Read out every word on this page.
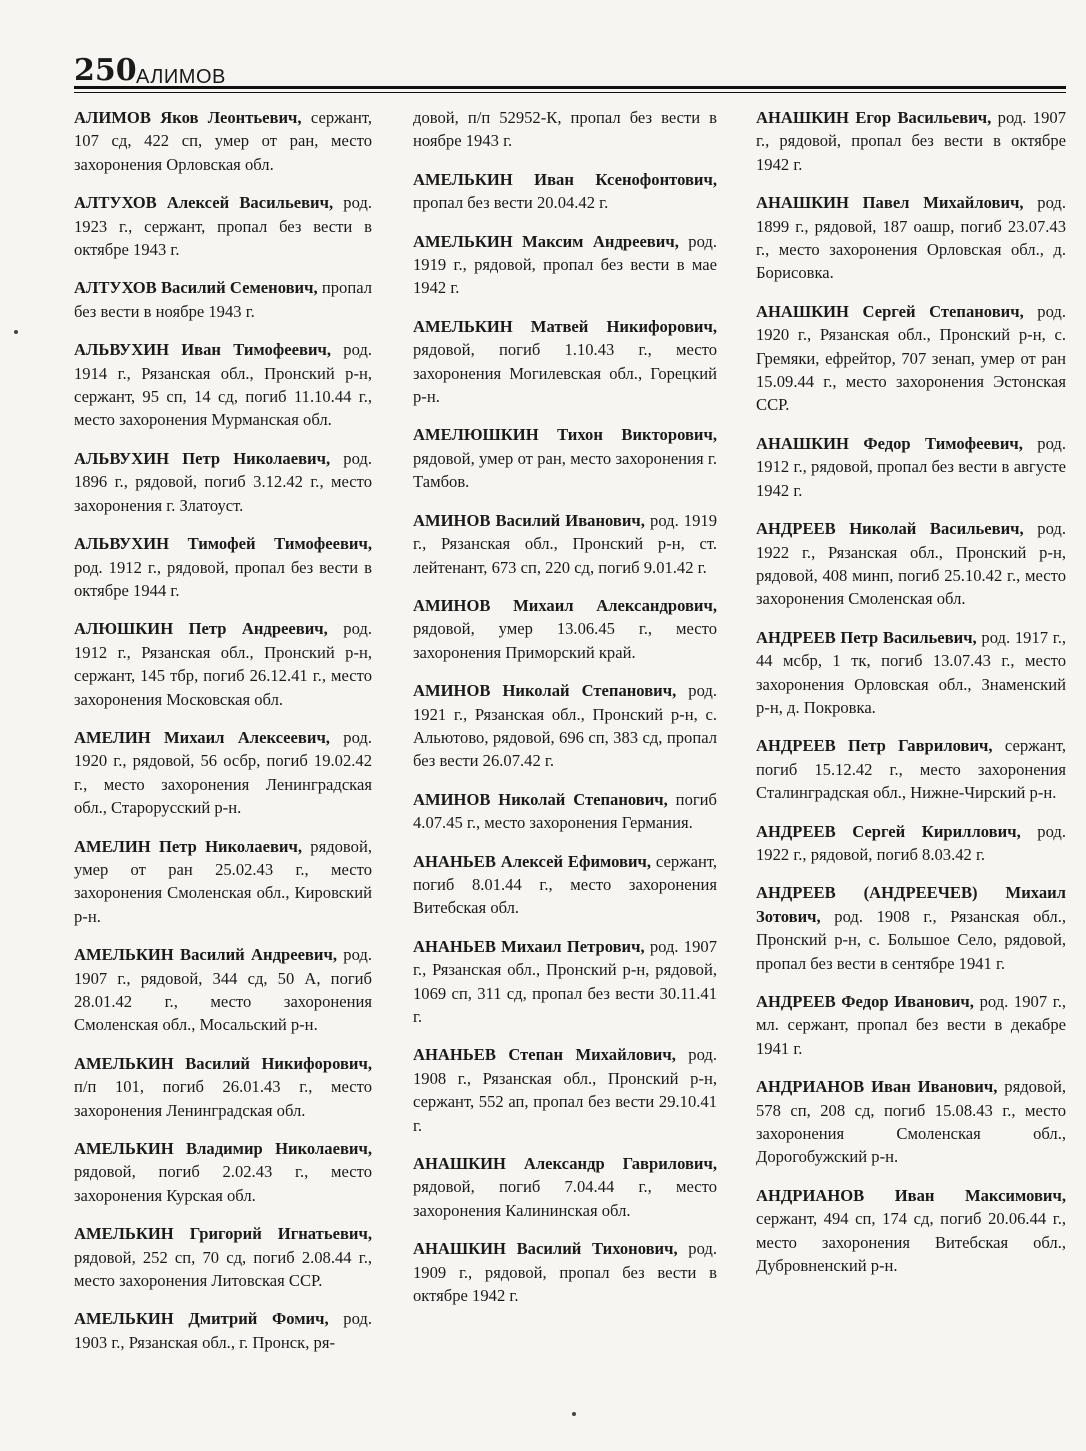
250 АЛИМОВ

АЛИМОВ Яков Леонтьевич, сержант, 107 сд, 422 сп, умер от ран, место захоронения Орловская обл.

АЛТУХОВ Алексей Васильевич, род. 1923 г., сержант, пропал без вести в октябре 1943 г.

АЛТУХОВ Василий Семенович, пропал без вести в ноябре 1943 г.

АЛЬВУХИН Иван Тимофеевич, род. 1914 г., Рязанская обл., Пронский р-н, сержант, 95 сп, 14 сд, погиб 11.10.44 г., место захоронения Мурманская обл.

АЛЬВУХИН Петр Николаевич, род. 1896 г., рядовой, погиб 3.12.42 г., место захоронения г. Златоуст.

АЛЬВУХИН Тимофей Тимофеевич, род. 1912 г., рядовой, пропал без вести в октябре 1944 г.

АЛЮШКИН Петр Андреевич, род. 1912 г., Рязанская обл., Пронский р-н, сержант, 145 тбр, погиб 26.12.41 г., место захоронения Московская обл.

АМЕЛИН Михаил Алексеевич, род. 1920 г., рядовой, 56 осбр, погиб 19.02.42 г., место захоронения Ленинградская обл., Старорусский р-н.

АМЕЛИН Петр Николаевич, рядовой, умер от ран 25.02.43 г., место захоронения Смоленская обл., Кировский р-н.

АМЕЛЬКИН Василий Андреевич, род. 1907 г., рядовой, 344 сд, 50 А, погиб 28.01.42 г., место захоронения Смоленская обл., Мосальский р-н.

АМЕЛЬКИН Василий Никифорович, п/п 101, погиб 26.01.43 г., место захоронения Ленинградская обл.

АМЕЛЬКИН Владимир Николаевич, рядовой, погиб 2.02.43 г., место захоронения Курская обл.

АМЕЛЬКИН Григорий Игнатьевич, рядовой, 252 сп, 70 сд, погиб 2.08.44 г., место захоронения Литовская ССР.

АМЕЛЬКИН Дмитрий Фомич, род. 1903 г., Рязанская обл., г. Пронск, ря-

довой, п/п 52952-К, пропал без вести в ноябре 1943 г.

АМЕЛЬКИН Иван Ксенофонтович, пропал без вести 20.04.42 г.

АМЕЛЬКИН Максим Андреевич, род. 1919 г., рядовой, пропал без вести в мае 1942 г.

АМЕЛЬКИН Матвей Никифорович, рядовой, погиб 1.10.43 г., место захоронения Могилевская обл., Горецкий р-н.

АМЕЛЮШКИН Тихон Викторович, рядовой, умер от ран, место захоронения г. Тамбов.

АМИНОВ Василий Иванович, род. 1919 г., Рязанская обл., Пронский р-н, ст. лейтенант, 673 сп, 220 сд, погиб 9.01.42 г.

АМИНОВ Михаил Александрович, рядовой, умер 13.06.45 г., место захоронения Приморский край.

АМИНОВ Николай Степанович, род. 1921 г., Рязанская обл., Пронский р-н, с. Альютово, рядовой, 696 сп, 383 сд, пропал без вести 26.07.42 г.

АМИНОВ Николай Степанович, погиб 4.07.45 г., место захоронения Германия.

АНАНЬЕВ Алексей Ефимович, сержант, погиб 8.01.44 г., место захоронения Витебская обл.

АНАНЬЕВ Михаил Петрович, род. 1907 г., Рязанская обл., Пронский р-н, рядовой, 1069 сп, 311 сд, пропал без вести 30.11.41 г.

АНАНЬЕВ Степан Михайлович, род. 1908 г., Рязанская обл., Пронский р-н, сержант, 552 ап, пропал без вести 29.10.41 г.

АНАШКИН Александр Гаврилович, рядовой, погиб 7.04.44 г., место захоронения Калининская обл.

АНАШКИН Василий Тихонович, род. 1909 г., рядовой, пропал без вести в октябре 1942 г.

АНАШКИН Егор Васильевич, род. 1907 г., рядовой, пропал без вести в октябре 1942 г.

АНАШКИН Павел Михайлович, род. 1899 г., рядовой, 187 оашр, погиб 23.07.43 г., место захоронения Орловская обл., д. Борисовка.

АНАШКИН Сергей Степанович, род. 1920 г., Рязанская обл., Пронский р-н, с. Гремяки, ефрейтор, 707 зенап, умер от ран 15.09.44 г., место захоронения Эстонская ССР.

АНАШКИН Федор Тимофеевич, род. 1912 г., рядовой, пропал без вести в августе 1942 г.

АНДРЕЕВ Николай Васильевич, род. 1922 г., Рязанская обл., Пронский р-н, рядовой, 408 минп, погиб 25.10.42 г., место захоронения Смоленская обл.

АНДРЕЕВ Петр Васильевич, род. 1917 г., 44 мсбр, 1 тк, погиб 13.07.43 г., место захоронения Орловская обл., Знаменский р-н, д. Покровка.

АНДРЕЕВ Петр Гаврилович, сержант, погиб 15.12.42 г., место захоронения Сталинградская обл., Нижне-Чирский р-н.

АНДРЕЕВ Сергей Кириллович, род. 1922 г., рядовой, погиб 8.03.42 г.

АНДРЕЕВ (АНДРЕЕЧЕВ) Михаил Зотович, род. 1908 г., Рязанская обл., Пронский р-н, с. Большое Село, рядовой, пропал без вести в сентябре 1941 г.

АНДРЕЕВ Федор Иванович, род. 1907 г., мл. сержант, пропал без вести в декабре 1941 г.

АНДРИАНОВ Иван Иванович, рядовой, 578 сп, 208 сд, погиб 15.08.43 г., место захоронения Смоленская обл., Дорогобужский р-н.

АНДРИАНОВ Иван Максимович, сержант, 494 сп, 174 сд, погиб 20.06.44 г., место захоронения Витебская обл., Дубровненский р-н.
